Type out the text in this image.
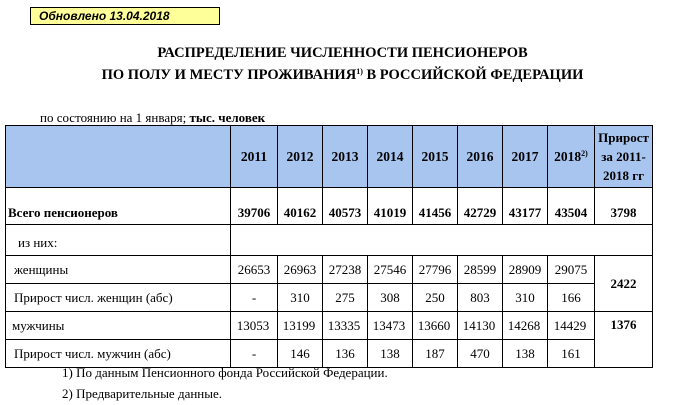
Обновлено 13.04.2018
РАСПРЕДЕЛЕНИЕ ЧИСЛЕННОСТИ ПЕНСИОНЕРОВ
ПО ПОЛУ И МЕСТУ ПРОЖИВАНИЯ$^{1)}$ В РОССИЙСКОЙ ФЕДЕРАЦИИ
по состоянию на 1 января; тыс. человек
	2011	2012	2013	2014	2015	2016	2017	2018$^{2)}$	Прирост за 2011-2018 гг
Всего пенсионеров	39706	40162	40573	41019	41456	42729	43177	43504	3798
из них:									
женщины	26653	26963	27238	27546	27796	28599	28909	29075	2422
Прирост числ. женщин (абс)	-	310	275	308	250	803	310	166	
мужчины	13053	13199	13335	13473	13660	14130	14268	14429	1376
Прирост числ. мужчин (абс)	-	146	136	138	187	470	138	161	
1) По данным Пенсионного фонда Российской Федерации.
2) Предварительные данные.
